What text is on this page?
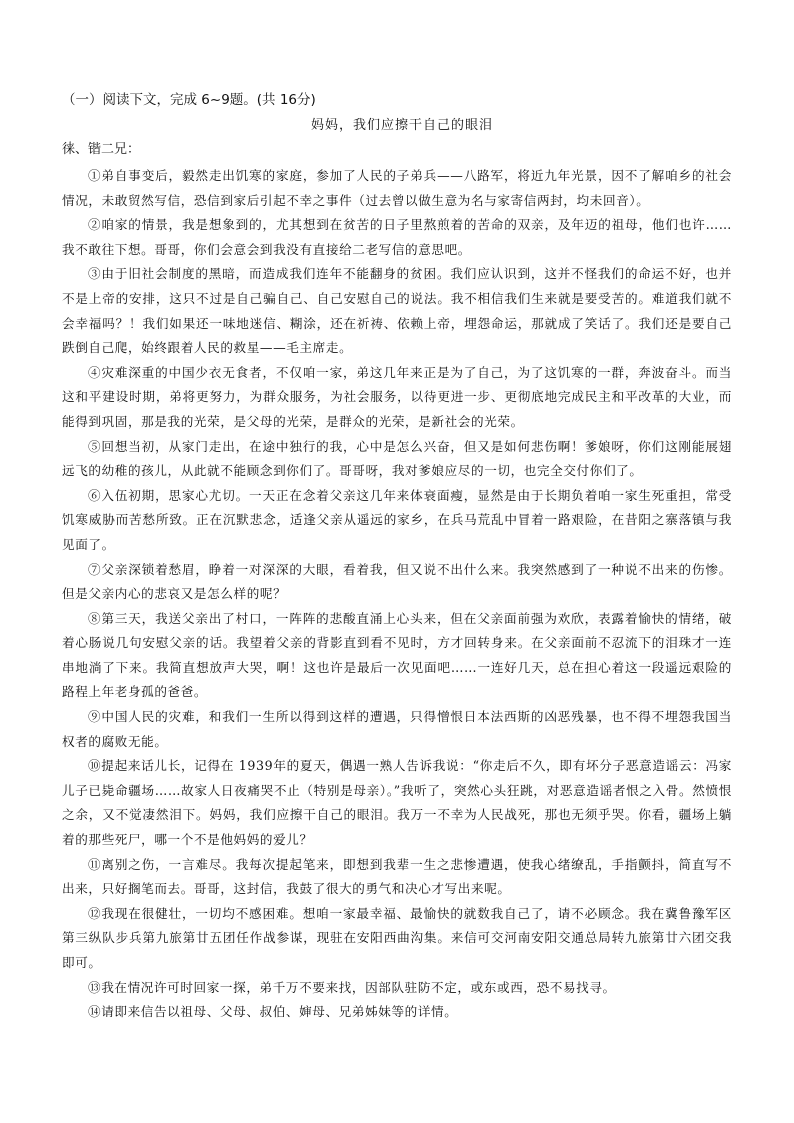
（一）阅读下文，完成 6~9题。(共 16分)
妈妈，我们应擦干自己的眼泪
徕、锴二兄：

①弟自事变后，毅然走出饥寒的家庭，参加了人民的子弟兵——八路军，将近九年光景，因不了解咱乡的社会情况，未敢贸然写信，恐信到家后引起不幸之事件（过去曾以做生意为名与家寄信两封，均未回音）。

②咱家的情景，我是想象到的，尤其想到在贫苦的日子里熬煎着的苦命的双亲，及年迈的祖母，他们也许……我不敢往下想。哥哥，你们会意会到我没有直接给二老写信的意思吧。

③由于旧社会制度的黑暗，而造成我们连年不能翻身的贫困。我们应认识到，这并不怪我们的命运不好，也并不是上帝的安排，这只不过是自己骗自己、自己安慰自己的说法。我不相信我们生来就是要受苦的。难道我们就不会幸福吗？！我们如果还一味地迷信、糊涂，还在祈祷、依赖上帝，埋怨命运，那就成了笑话了。我们还是要自己跌倒自己爬，始终跟着人民的救星——毛主席走。

④灾难深重的中国少衣无食者，不仅咱一家，弟这几年来正是为了自己，为了这饥寒的一群，奔波奋斗。而当这和平建设时期，弟将更努力，为群众服务，为社会服务，以待更进一步、更彻底地完成民主和平改革的大业，而能得到巩固，那是我的光荣，是父母的光荣，是群众的光荣，是新社会的光荣。

⑤回想当初，从家门走出，在途中独行的我，心中是怎么兴奋，但又是如何悲伤啊！爹娘呀，你们这刚能展翅远飞的幼稚的孩儿，从此就不能顾念到你们了。哥哥呀，我对爹娘应尽的一切，也完全交付你们了。

⑥入伍初期，思家心尤切。一天正在念着父亲这几年来体衰面瘦，显然是由于长期负着咱一家生死重担，常受饥寒威胁而苦愁所致。正在沉默悲念，适逢父亲从遥远的家乡，在兵马荒乱中冒着一路艰险，在昔阳之寨落镇与我见面了。

⑦父亲深锁着愁眉，睁着一对深深的大眼，看着我，但又说不出什么来。我突然感到了一种说不出来的伤惨。但是父亲内心的悲哀又是怎么样的呢？

⑧第三天，我送父亲出了村口，一阵阵的悲酸直涌上心头来，但在父亲面前强为欢欣，表露着愉快的情绪，破着心肠说几句安慰父亲的话。我望着父亲的背影直到看不见时，方才回转身来。在父亲面前不忍流下的泪珠才一连串地淌了下来。我简直想放声大哭，啊！这也许是最后一次见面吧……一连好几天，总在担心着这一段遥远艰险的路程上年老身孤的爸爸。

⑨中国人民的灾难，和我们一生所以得到这样的遭遇，只得憎恨日本法西斯的凶恶残暴，也不得不埋怨我国当权者的腐败无能。

⑩提起来话儿长，记得在 1939年的夏天，偶遇一熟人告诉我说：“你走后不久，即有坏分子恶意造谣云：冯家儿子已毙命疆场……故家人日夜痛哭不止（特别是母亲）。”我听了，突然心头狂跳，对恶意造谣者恨之入骨。然愤恨之余，又不觉凄然泪下。妈妈，我们应擦干自己的眼泪。我万一不幸为人民战死，那也无须乎哭。你看，疆场上躺着的那些死尸，哪一个不是他妈妈的爱儿？

⑪离别之伤，一言难尽。我每次提起笔来，即想到我辈一生之悲惨遭遇，使我心绪缭乱，手指颤抖，简直写不出来，只好搁笔而去。哥哥，这封信，我鼓了很大的勇气和决心才写出来呢。

⑫我现在很健壮，一切均不感困难。想咱一家最幸福、最愉快的就数我自己了，请不必顾念。我在冀鲁豫军区第三纵队步兵第九旅第廿五团任作战参谋，现驻在安阳西曲沟集。来信可交河南安阳交通总局转九旅第廿六团交我即可。

⑬我在情况许可时回家一探，弟千万不要来找，因部队驻防不定，或东或西，恐不易找寻。

⑭请即来信告以祖母、父母、叔伯、婶母、兄弟姊妹等的详情。
